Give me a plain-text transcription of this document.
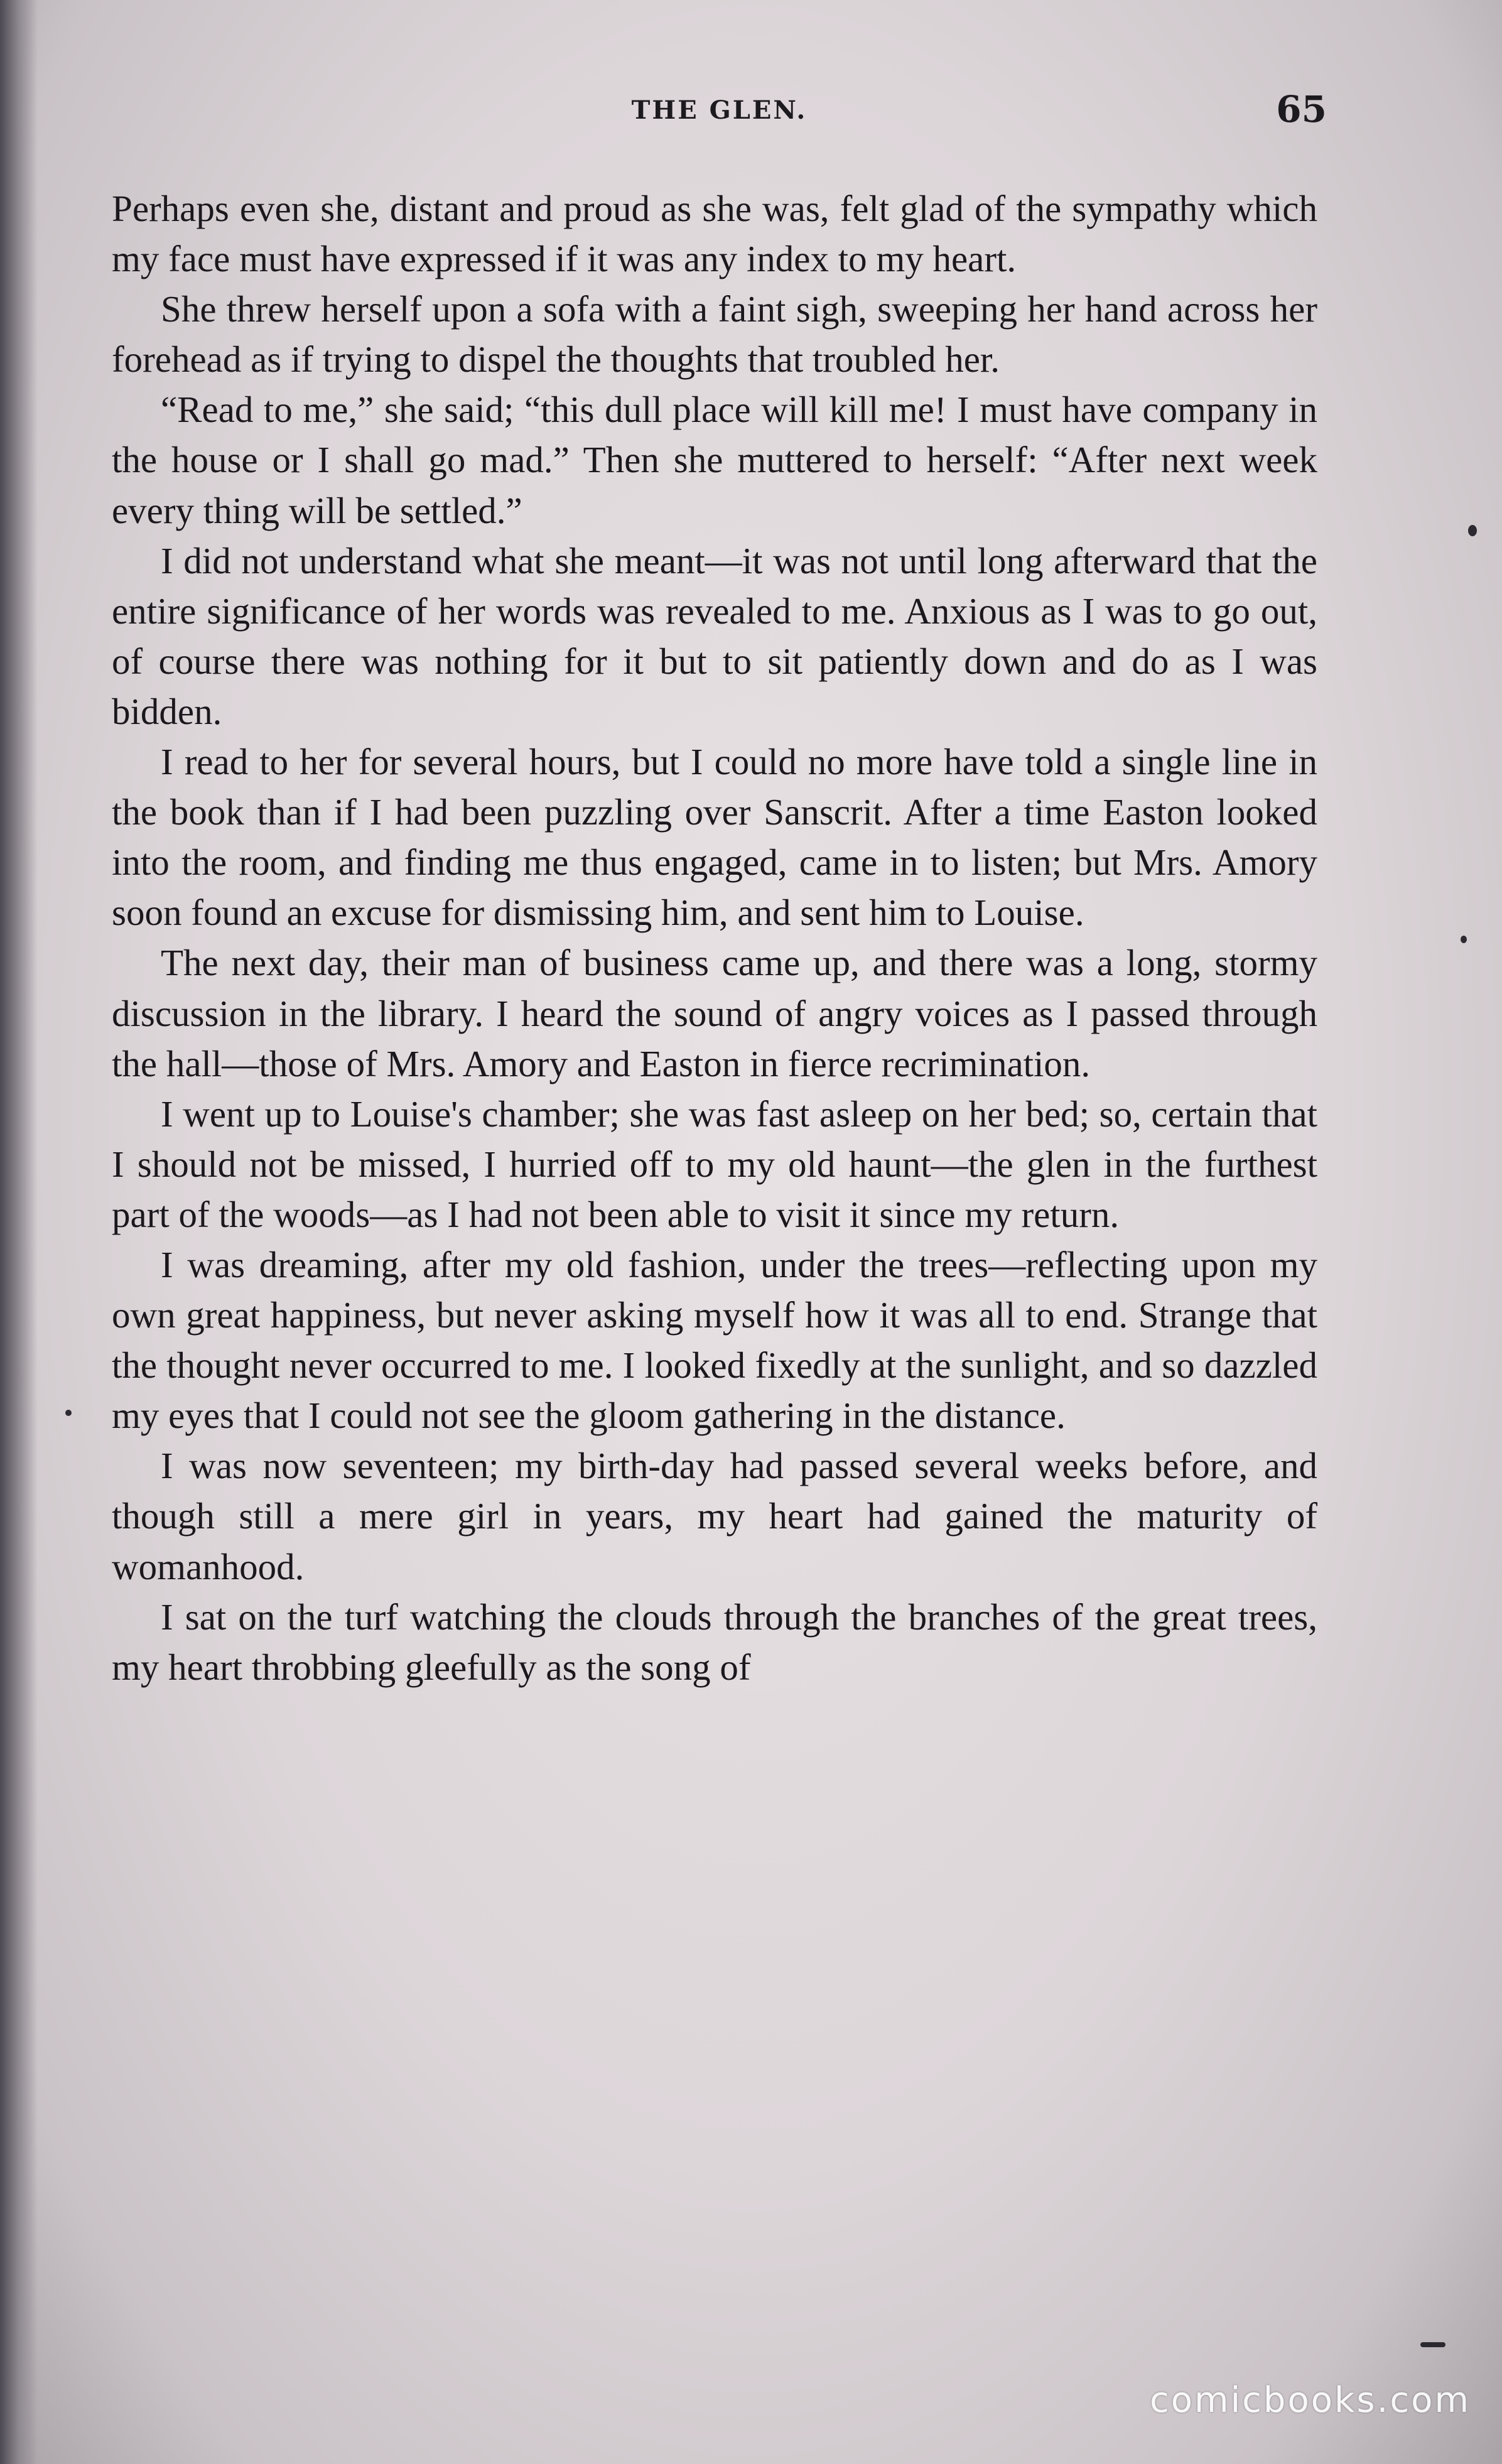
THE GLEN.	65

Perhaps even she, distant and proud as she was, felt glad of the sympathy which my face must have expressed if it was any index to my heart.

She threw herself upon a sofa with a faint sigh, sweeping her hand across her forehead as if trying to dispel the thoughts that troubled her.

“Read to me,” she said; “this dull place will kill me! I must have company in the house or I shall go mad.” Then she muttered to herself: “After next week every thing will be settled.”

I did not understand what she meant—it was not until long afterward that the entire significance of her words was revealed to me. Anxious as I was to go out, of course there was nothing for it but to sit patiently down and do as I was bidden.

I read to her for several hours, but I could no more have told a single line in the book than if I had been puzzling over Sanscrit. After a time Easton looked into the room, and finding me thus engaged, came in to listen; but Mrs. Amory soon found an excuse for dismissing him, and sent him to Louise.

The next day, their man of business came up, and there was a long, stormy discussion in the library. I heard the sound of angry voices as I passed through the hall—those of Mrs. Amory and Easton in fierce recrimination.

I went up to Louise's chamber; she was fast asleep on her bed; so, certain that I should not be missed, I hurried off to my old haunt—the glen in the furthest part of the woods—as I had not been able to visit it since my return.

I was dreaming, after my old fashion, under the trees—reflecting upon my own great happiness, but never asking myself how it was all to end. Strange that the thought never occurred to me. I looked fixedly at the sunlight, and so dazzled my eyes that I could not see the gloom gathering in the distance.

I was now seventeen; my birth-day had passed several weeks before, and though still a mere girl in years, my heart had gained the maturity of womanhood.

I sat on the turf watching the clouds through the branches of the great trees, my heart throbbing gleefully as the song of

comicbooks.com
